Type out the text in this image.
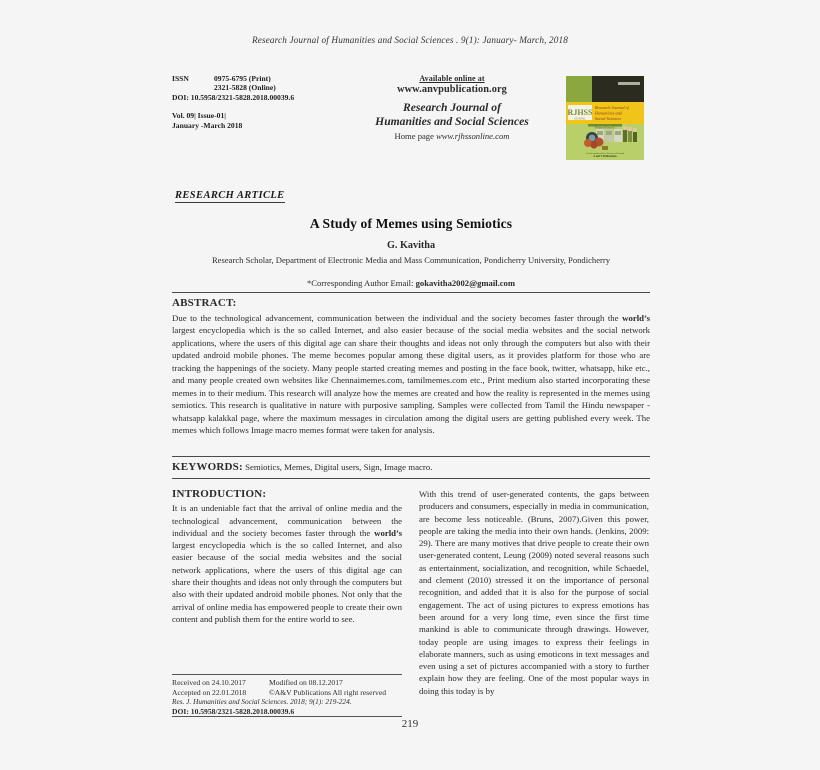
Research Journal of Humanities and Social Sciences . 9(1): January- March, 2018
ISSN	0975-6795 (Print)
2321-5828 (Online)
DOI: 10.5958/2321-5828.2018.00039.6
Vol. 09| Issue-01|
January -March 2018
Available online at
www.anvpublication.org
Research Journal of
Humanities and Social Sciences
Home page www.rjhssonline.com
RJHSS
JOURNAL
Research Journal of
Humanities and
Social Sciences
Volume 09 Issue 01
An International Peer Reviewed Journal
A and V Publications
RESEARCH ARTICLE
A Study of Memes using Semiotics
G. Kavitha
Research Scholar, Department of Electronic Media and Mass Communication, Pondicherry University, Pondicherry
*Corresponding Author Email: gokavitha2002@gmail.com
ABSTRACT:
Due to the technological advancement, communication between the individual and the society becomes faster through the world’s largest encyclopedia which is the so called Internet, and also easier because of the social media websites and the social network applications, where the users of this digital age can share their thoughts and ideas not only through the computers but also with their updated android mobile phones. The meme becomes popular among these digital users, as it provides platform for those who are tracking the happenings of the society. Many people started creating memes and posting in the face book, twitter, whatsapp, hike etc., and many people created own websites like Chennaimemes.com, tamilmemes.com etc., Print medium also started incorporating these memes in to their medium. This research will analyze how the memes are created and how the reality is represented in the memes using semiotics. This research is qualitative in nature with purposive sampling. Samples were collected from Tamil the Hindu newspaper - whatsapp kalakkal page, where the maximum messages in circulation among the digital users are getting published every week. The memes which follows Image macro memes format were taken for analysis.
KEYWORDS: Semiotics, Memes, Digital users, Sign, Image macro.
INTRODUCTION:

It is an undeniable fact that the arrival of online media and the technological advancement, communication between the individual and the society becomes faster through the world’s largest encyclopedia which is the so called Internet, and also easier because of the social media websites and the social network applications, where the users of this digital age can share their thoughts and ideas not only through the computers but also with their updated android mobile phones. Not only that the arrival of online media has empowered people to create their own content and publish them for the entire world to see.

With this trend of user-generated contents, the gaps between producers and consumers, especially in media in communication, are become less noticeable. (Bruns, 2007).Given this power, people are taking the media into their own hands. (Jenkins, 2009: 29). There are many motives that drive people to create their own user-generated content, Leung (2009) noted several reasons such as entertainment, socialization, and recognition, while Schaedel, and clement (2010) stressed it on the importance of personal recognition, and added that it is also for the purpose of social engagement. The act of using pictures to express emotions has been around for a very long time, even since the first time mankind is able to communicate through drawings. However, today people are using images to express their feelings in elaborate manners, such as using emoticons in text messages and even using a set of pictures accompanied with a story to further explain how they are feeling. One of the most popular ways in doing this today is by

Received on 24.10.2017	Modified on 08.12.2017
Accepted on 22.01.2018	©A&V Publications All right reserved
Res. J. Humanities and Social Sciences. 2018; 9(1): 219-224.
DOI: 10.5958/2321-5828.2018.00039.6
219
